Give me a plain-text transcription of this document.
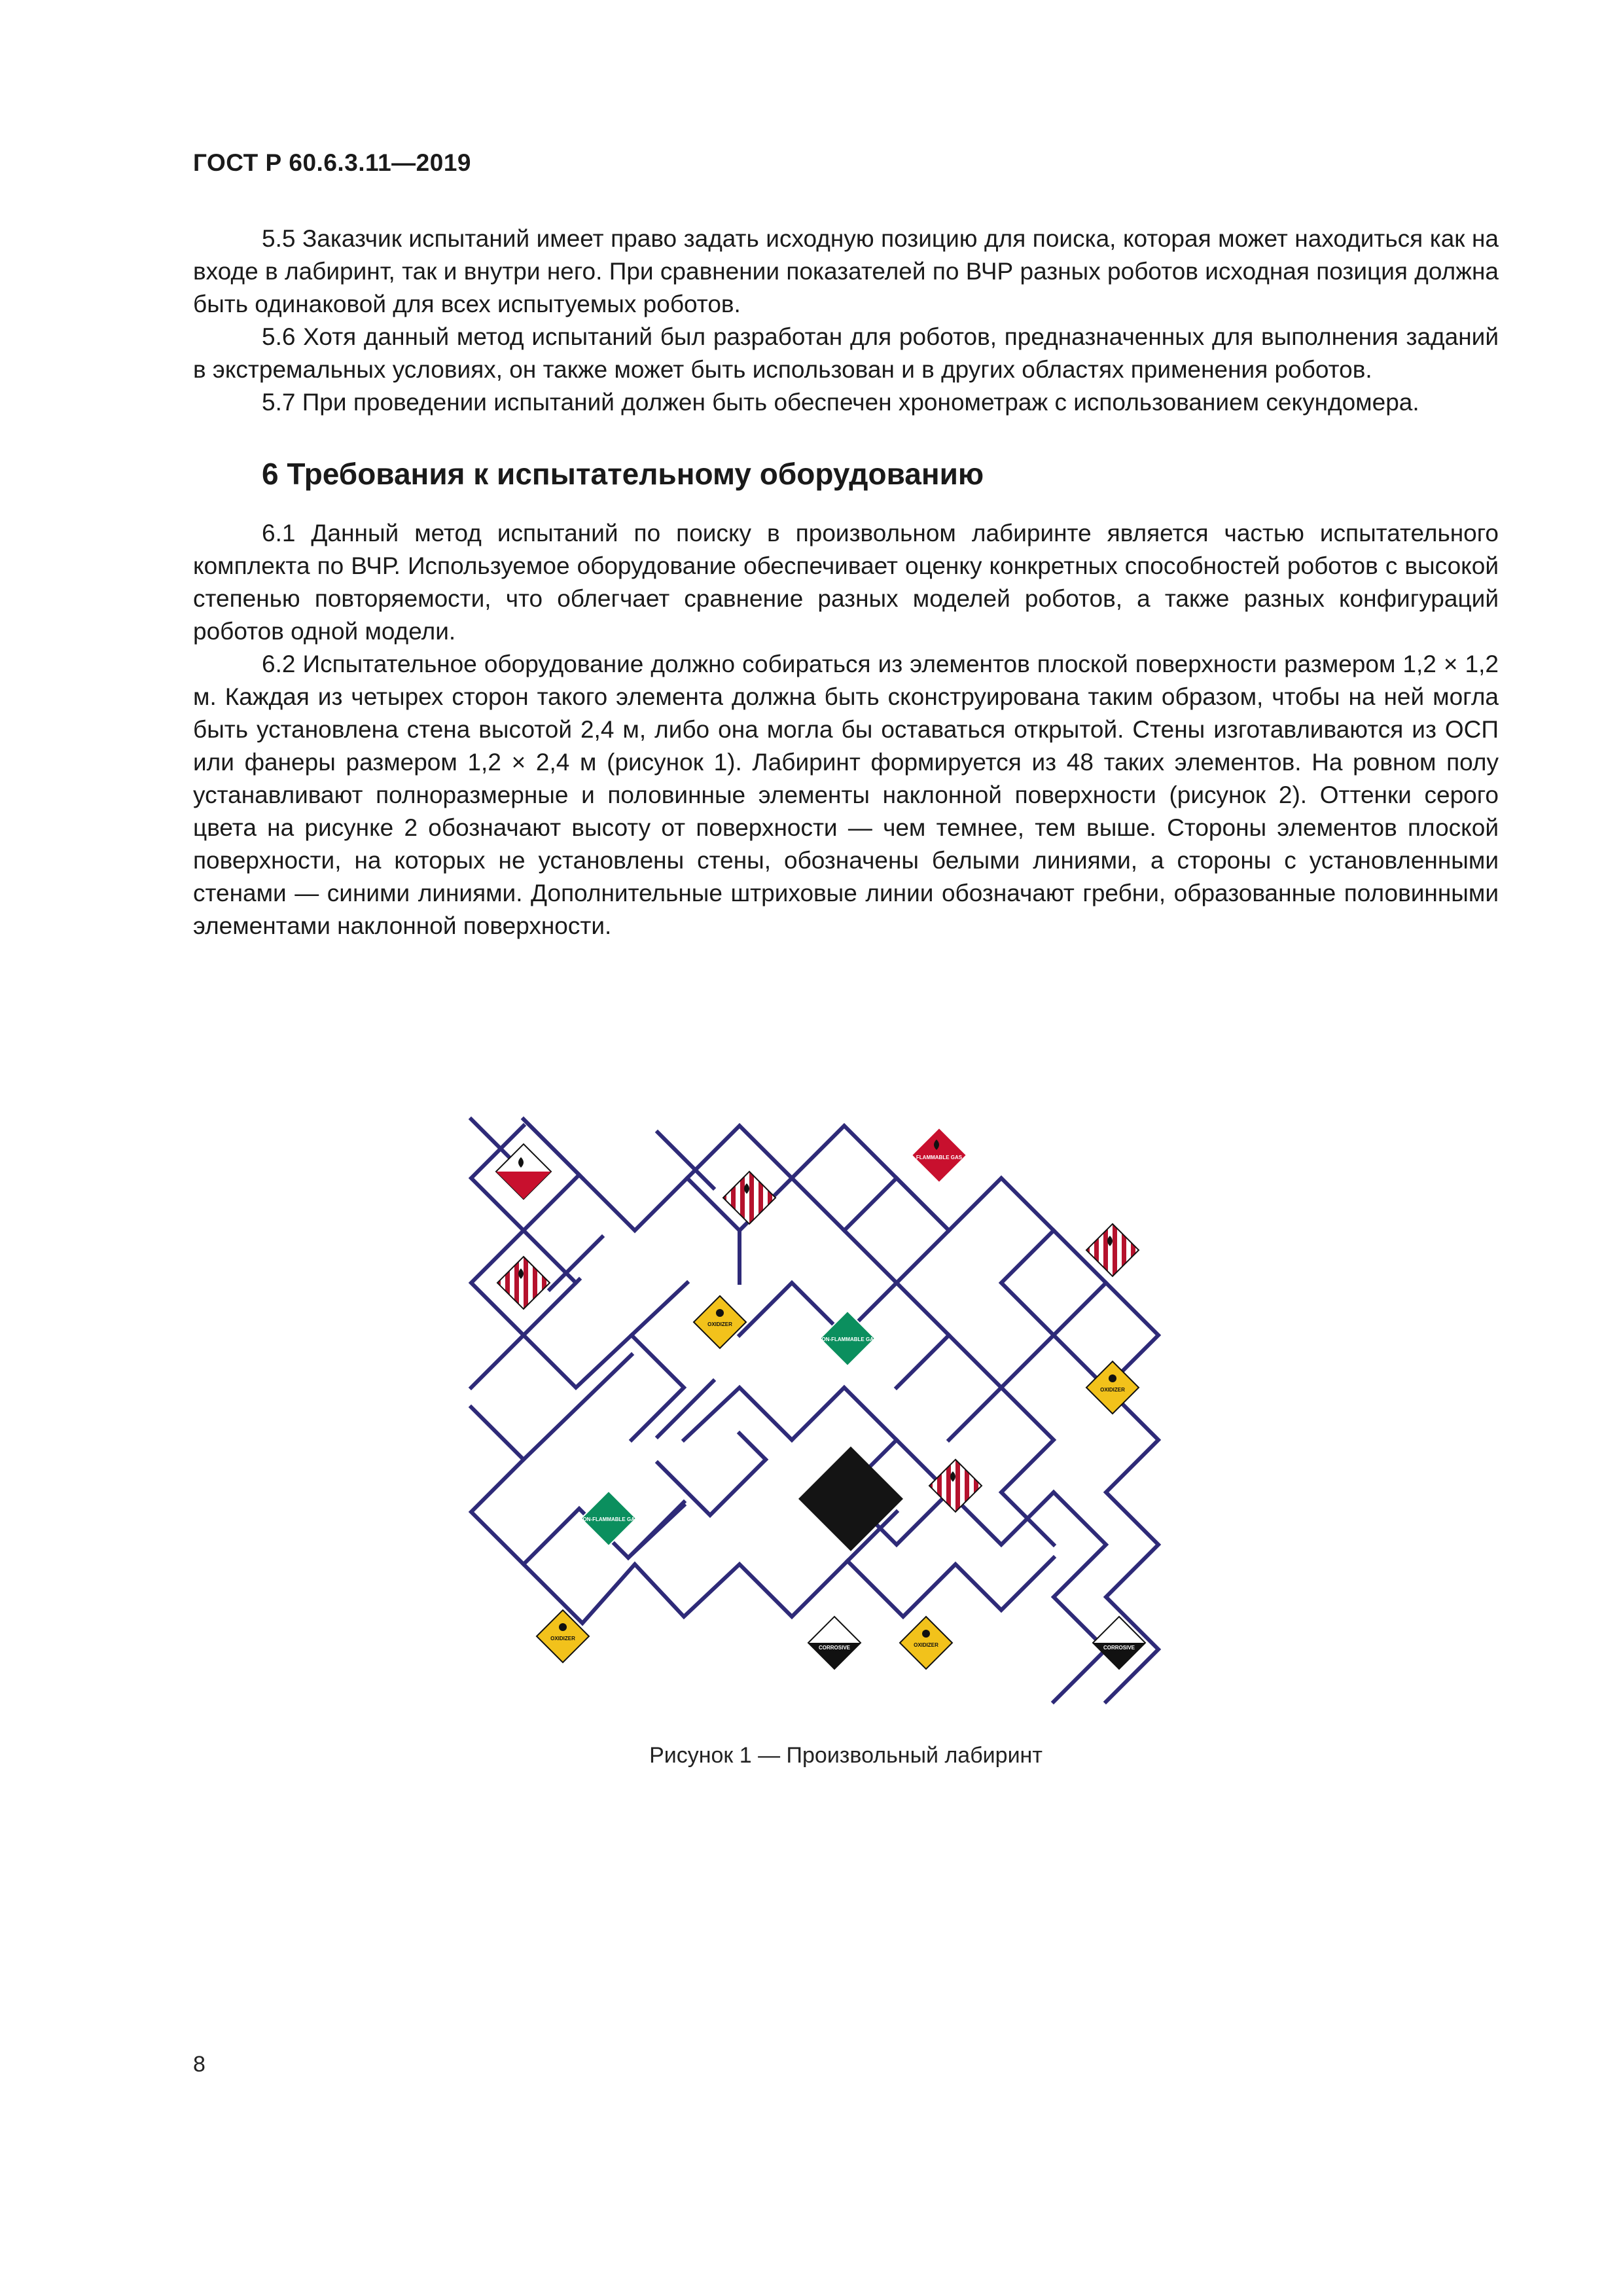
ГОСТ Р 60.6.3.11—2019

5.5 Заказчик испытаний имеет право задать исходную позицию для поиска, которая может находиться как на входе в лабиринт, так и внутри него. При сравнении показателей по ВЧР разных роботов исходная позиция должна быть одинаковой для всех испытуемых роботов.

5.6 Хотя данный метод испытаний был разработан для роботов, предназначенных для выполнения заданий в экстремальных условиях, он также может быть использован и в других областях применения роботов.

5.7 При проведении испытаний должен быть обеспечен хронометраж с использованием секундомера.

6 Требования к испытательному оборудованию

6.1 Данный метод испытаний по поиску в произвольном лабиринте является частью испытательного комплекта по ВЧР. Используемое оборудование обеспечивает оценку конкретных способностей роботов с высокой степенью повторяемости, что облегчает сравнение разных моделей роботов, а также разных конфигураций роботов одной модели.

6.2 Испытательное оборудование должно собираться из элементов плоской поверхности размером 1,2 × 1,2 м. Каждая из четырех сторон такого элемента должна быть сконструирована таким образом, чтобы на ней могла быть установлена стена высотой 2,4 м, либо она могла бы оставаться открытой. Стены изготавливаются из ОСП или фанеры размером 1,2 × 2,4 м (рисунок 1). Лабиринт формируется из 48 таких элементов. На ровном полу устанавливают полноразмерные и половинные элементы наклонной поверхности (рисунок 2). Оттенки серого цвета на рисунке 2 обозначают высоту от поверхности — чем темнее, тем выше. Стороны элементов плоской поверхности, на которых не установлены стены, обозначены белыми линиями, а стороны с установленными стенами — синими линиями. Дополнительные штриховые линии обозначают гребни, образованные половинными элементами наклонной поверхности.

FLAMMABLE GAS
OXIDIZER
OXIDIZER
OXIDIZER
OXIDIZER
NON-FLAMMABLE GAS
NON-FLAMMABLE GAS
CORROSIVE	CORROSIVE
Рисунок 1 — Произвольный лабиринт
8
